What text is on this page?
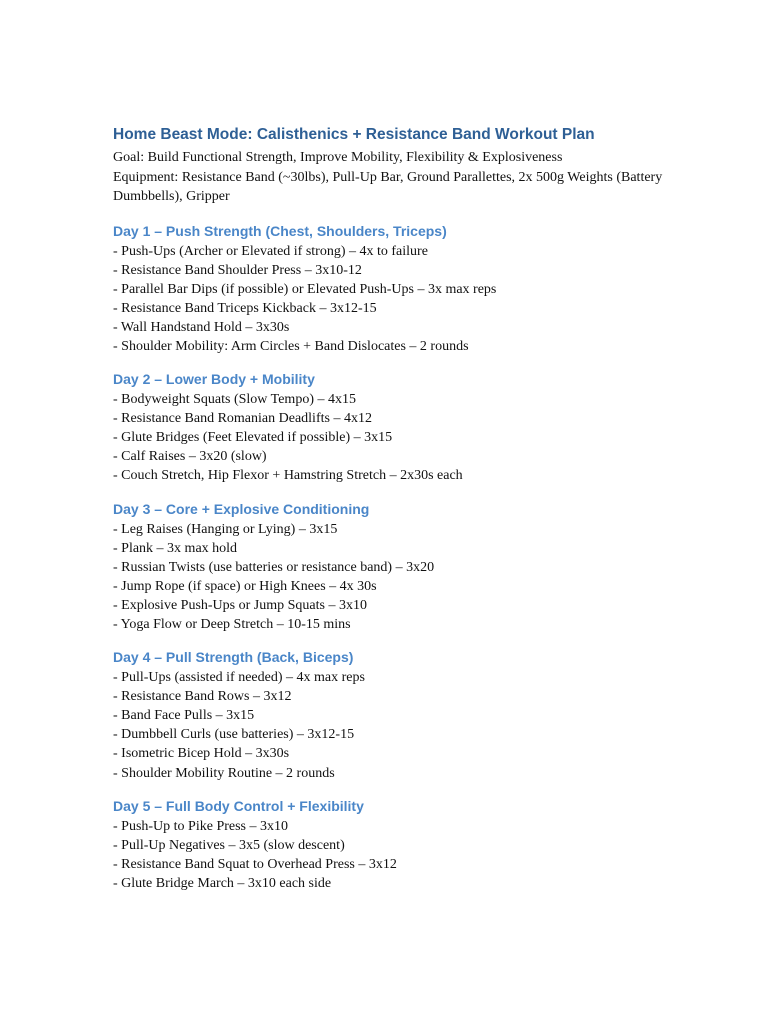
Home Beast Mode: Calisthenics + Resistance Band Workout Plan

Goal: Build Functional Strength, Improve Mobility, Flexibility & Explosiveness

Equipment: Resistance Band (~30lbs), Pull-Up Bar, Ground Parallettes, 2x 500g Weights (Battery Dumbbells), Gripper

Day 1 – Push Strength (Chest, Shoulders, Triceps)
- Push-Ups (Archer or Elevated if strong) – 4x to failure
- Resistance Band Shoulder Press – 3x10-12
- Parallel Bar Dips (if possible) or Elevated Push-Ups – 3x max reps
- Resistance Band Triceps Kickback – 3x12-15
- Wall Handstand Hold – 3x30s
- Shoulder Mobility: Arm Circles + Band Dislocates – 2 rounds
Day 2 – Lower Body + Mobility
- Bodyweight Squats (Slow Tempo) – 4x15
- Resistance Band Romanian Deadlifts – 4x12
- Glute Bridges (Feet Elevated if possible) – 3x15
- Calf Raises – 3x20 (slow)
- Couch Stretch, Hip Flexor + Hamstring Stretch – 2x30s each
Day 3 – Core + Explosive Conditioning
- Leg Raises (Hanging or Lying) – 3x15
- Plank – 3x max hold
- Russian Twists (use batteries or resistance band) – 3x20
- Jump Rope (if space) or High Knees – 4x 30s
- Explosive Push-Ups or Jump Squats – 3x10
- Yoga Flow or Deep Stretch – 10-15 mins
Day 4 – Pull Strength (Back, Biceps)
- Pull-Ups (assisted if needed) – 4x max reps
- Resistance Band Rows – 3x12
- Band Face Pulls – 3x15
- Dumbbell Curls (use batteries) – 3x12-15
- Isometric Bicep Hold – 3x30s
- Shoulder Mobility Routine – 2 rounds
Day 5 – Full Body Control + Flexibility
- Push-Up to Pike Press – 3x10
- Pull-Up Negatives – 3x5 (slow descent)
- Resistance Band Squat to Overhead Press – 3x12
- Glute Bridge March – 3x10 each side
